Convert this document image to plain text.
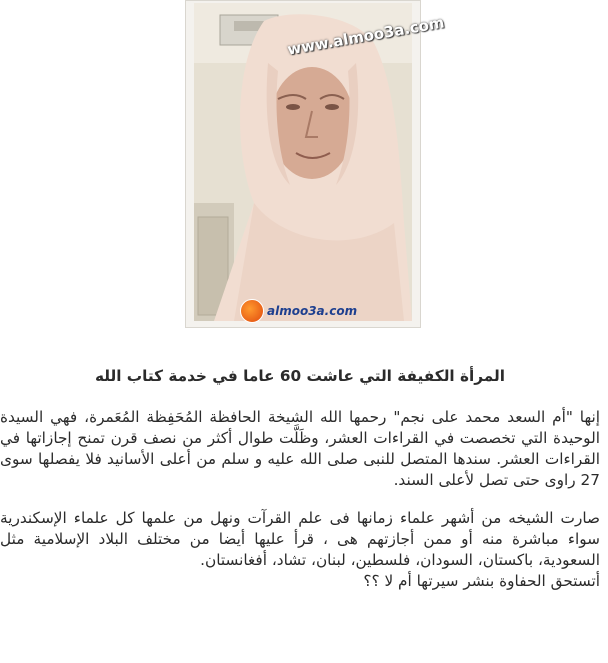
www.almoo3a.com
almoo3a.com
المرأة الكفيفة التي عاشت 60 عاما في خدمة كتاب الله

إنها "أم السعد محمد على نجم" رحمها الله الشيخة الحافظة المُحَفِظة المُعَمرة، فهي السيدة الوحيدة التي تخصصت في القراءات العشر، وظَلَّت طوال أكثر من نصف قرن تمنح إجازاتها في القراءات العشر. سندها المتصل للنبى صلى الله عليه و سلم من أعلى الأسانيد فلا يفصلها سوى 27 راوى حتى تصل لأعلى السند.

صارت الشيخه من أشهر علماء زمانها فى علم القرآت ونهل من علمها كل علماء الإسكندرية سواء مباشرة منه أو ممن أجازتهم هى ، قرأ عليها أيضا من مختلف البلاد الإسلامية مثل السعودية، باكستان، السودان، فلسطين، لبنان، تشاد، أفغانستان.

أتستحق الحفاوة بنشر سيرتها أم لا ؟؟
